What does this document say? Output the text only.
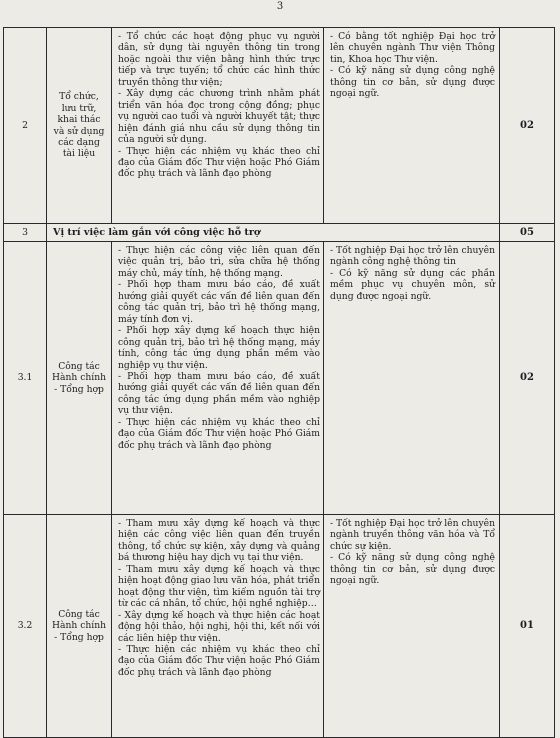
3
2	Tổ chức, lưu trữ, khai thác và sử dụng các dạng tài liệu	- Tổ chức các hoạt động phục vụ người dân, sử dụng tài nguyên thông tin trong hoặc ngoài thư viện bằng hình thức trực tiếp và trực tuyến; tổ chức các hình thức truyền thông thư viện;
- Xây dựng các chương trình nhằm phát triển văn hóa đọc trong cộng đồng; phục vụ người cao tuổi và người khuyết tật; thực hiện đánh giá nhu cầu sử dụng thông tin của người sử dụng.
- Thực hiện các nhiệm vụ khác theo chỉ đạo của Giám đốc Thư viện hoặc Phó Giám đốc phụ trách và lãnh đạo phòng	- Có bằng tốt nghiệp Đại học trở lên chuyên ngành Thư viện Thông tin, Khoa học Thư viện.
- Có kỹ năng sử dụng công nghệ thông tin cơ bản, sử dụng được ngoại ngữ.	02
3	Vị trí việc làm gắn với công việc hỗ trợ			05
3.1	Công tác Hành chính - Tổng hợp	- Thực hiện các công việc liên quan đến việc quản trị, bảo trì, sửa chữa hệ thống máy chủ, máy tính, hệ thống mạng.
- Phối hợp tham mưu báo cáo, đề xuất hướng giải quyết các vấn đề liên quan đến công tác quản trị, bảo trì hệ thống mạng, máy tính đơn vị.
- Phối hợp xây dựng kế hoạch thực hiện công quản trị, bảo trì hệ thống mạng, máy tính, công tác ứng dụng phần mềm vào nghiệp vụ thư viện.
- Phối hợp tham mưu báo cáo, đề xuất hướng giải quyết các vấn đề liên quan đến công tác ứng dụng phần mềm vào nghiệp vụ thư viện.
- Thực hiện các nhiệm vụ khác theo chỉ đạo của Giám đốc Thư viện hoặc Phó Giám đốc phụ trách và lãnh đạo phòng	- Tốt nghiệp Đại học trở lên chuyên ngành công nghệ thông tin
- Có kỹ năng sử dụng các phần mềm phục vụ chuyên môn, sử dụng được ngoại ngữ.	02
3.2	Công tác Hành chính - Tổng hợp	- Tham mưu xây dựng kế hoạch và thực hiện các công việc liên quan đến truyền thông, tổ chức sự kiện, xây dựng và quảng bá thương hiệu hay dịch vụ tại thư viện.
- Tham mưu xây dựng kế hoạch và thực hiện hoạt động giao lưu văn hóa, phát triển hoạt động thư viện, tìm kiếm nguồn tài trợ từ các cá nhân, tổ chức, hội nghề nghiệp…
- Xây dựng kế hoạch và thực hiện các hoạt động hội thảo, hội nghị, hội thi, kết nối với các liên hiệp thư viện.
- Thực hiện các nhiệm vụ khác theo chỉ đạo của Giám đốc Thư viện hoặc Phó Giám đốc phụ trách và lãnh đạo phòng	- Tốt nghiệp Đại học trở lên chuyên ngành truyền thông văn hóa và Tổ chức sự kiện.
- Có kỹ năng sử dụng công nghệ thông tin cơ bản, sử dụng được ngoại ngữ.	01
